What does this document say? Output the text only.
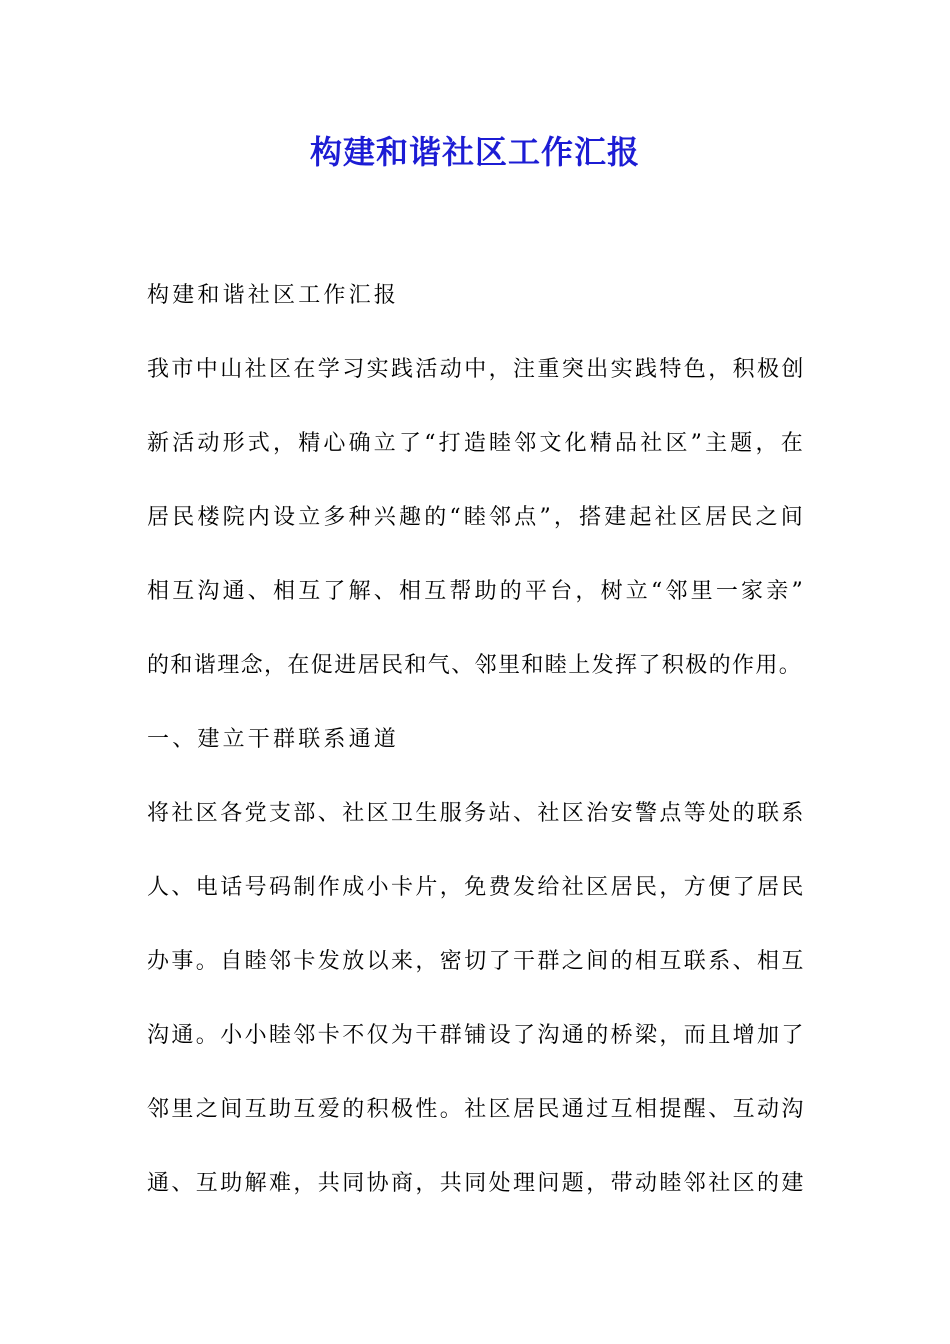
构建和谐社区工作汇报
构建和谐社区工作汇报
我市中山社区在学习实践活动中，注重突出实践特色，积极创
新活动形式，精心确立了“打造睦邻文化精品社区”主题，在
居民楼院内设立多种兴趣的“睦邻点”，搭建起社区居民之间
相互沟通、相互了解、相互帮助的平台，树立“邻里一家亲”
的和谐理念，在促进居民和气、邻里和睦上发挥了积极的作用。
一、建立干群联系通道
将社区各党支部、社区卫生服务站、社区治安警点等处的联系
人、电话号码制作成小卡片，免费发给社区居民，方便了居民
办事。自睦邻卡发放以来，密切了干群之间的相互联系、相互
沟通。小小睦邻卡不仅为干群铺设了沟通的桥梁，而且增加了
邻里之间互助互爱的积极性。社区居民通过互相提醒、互动沟
通、互助解难，共同协商，共同处理问题，带动睦邻社区的建
